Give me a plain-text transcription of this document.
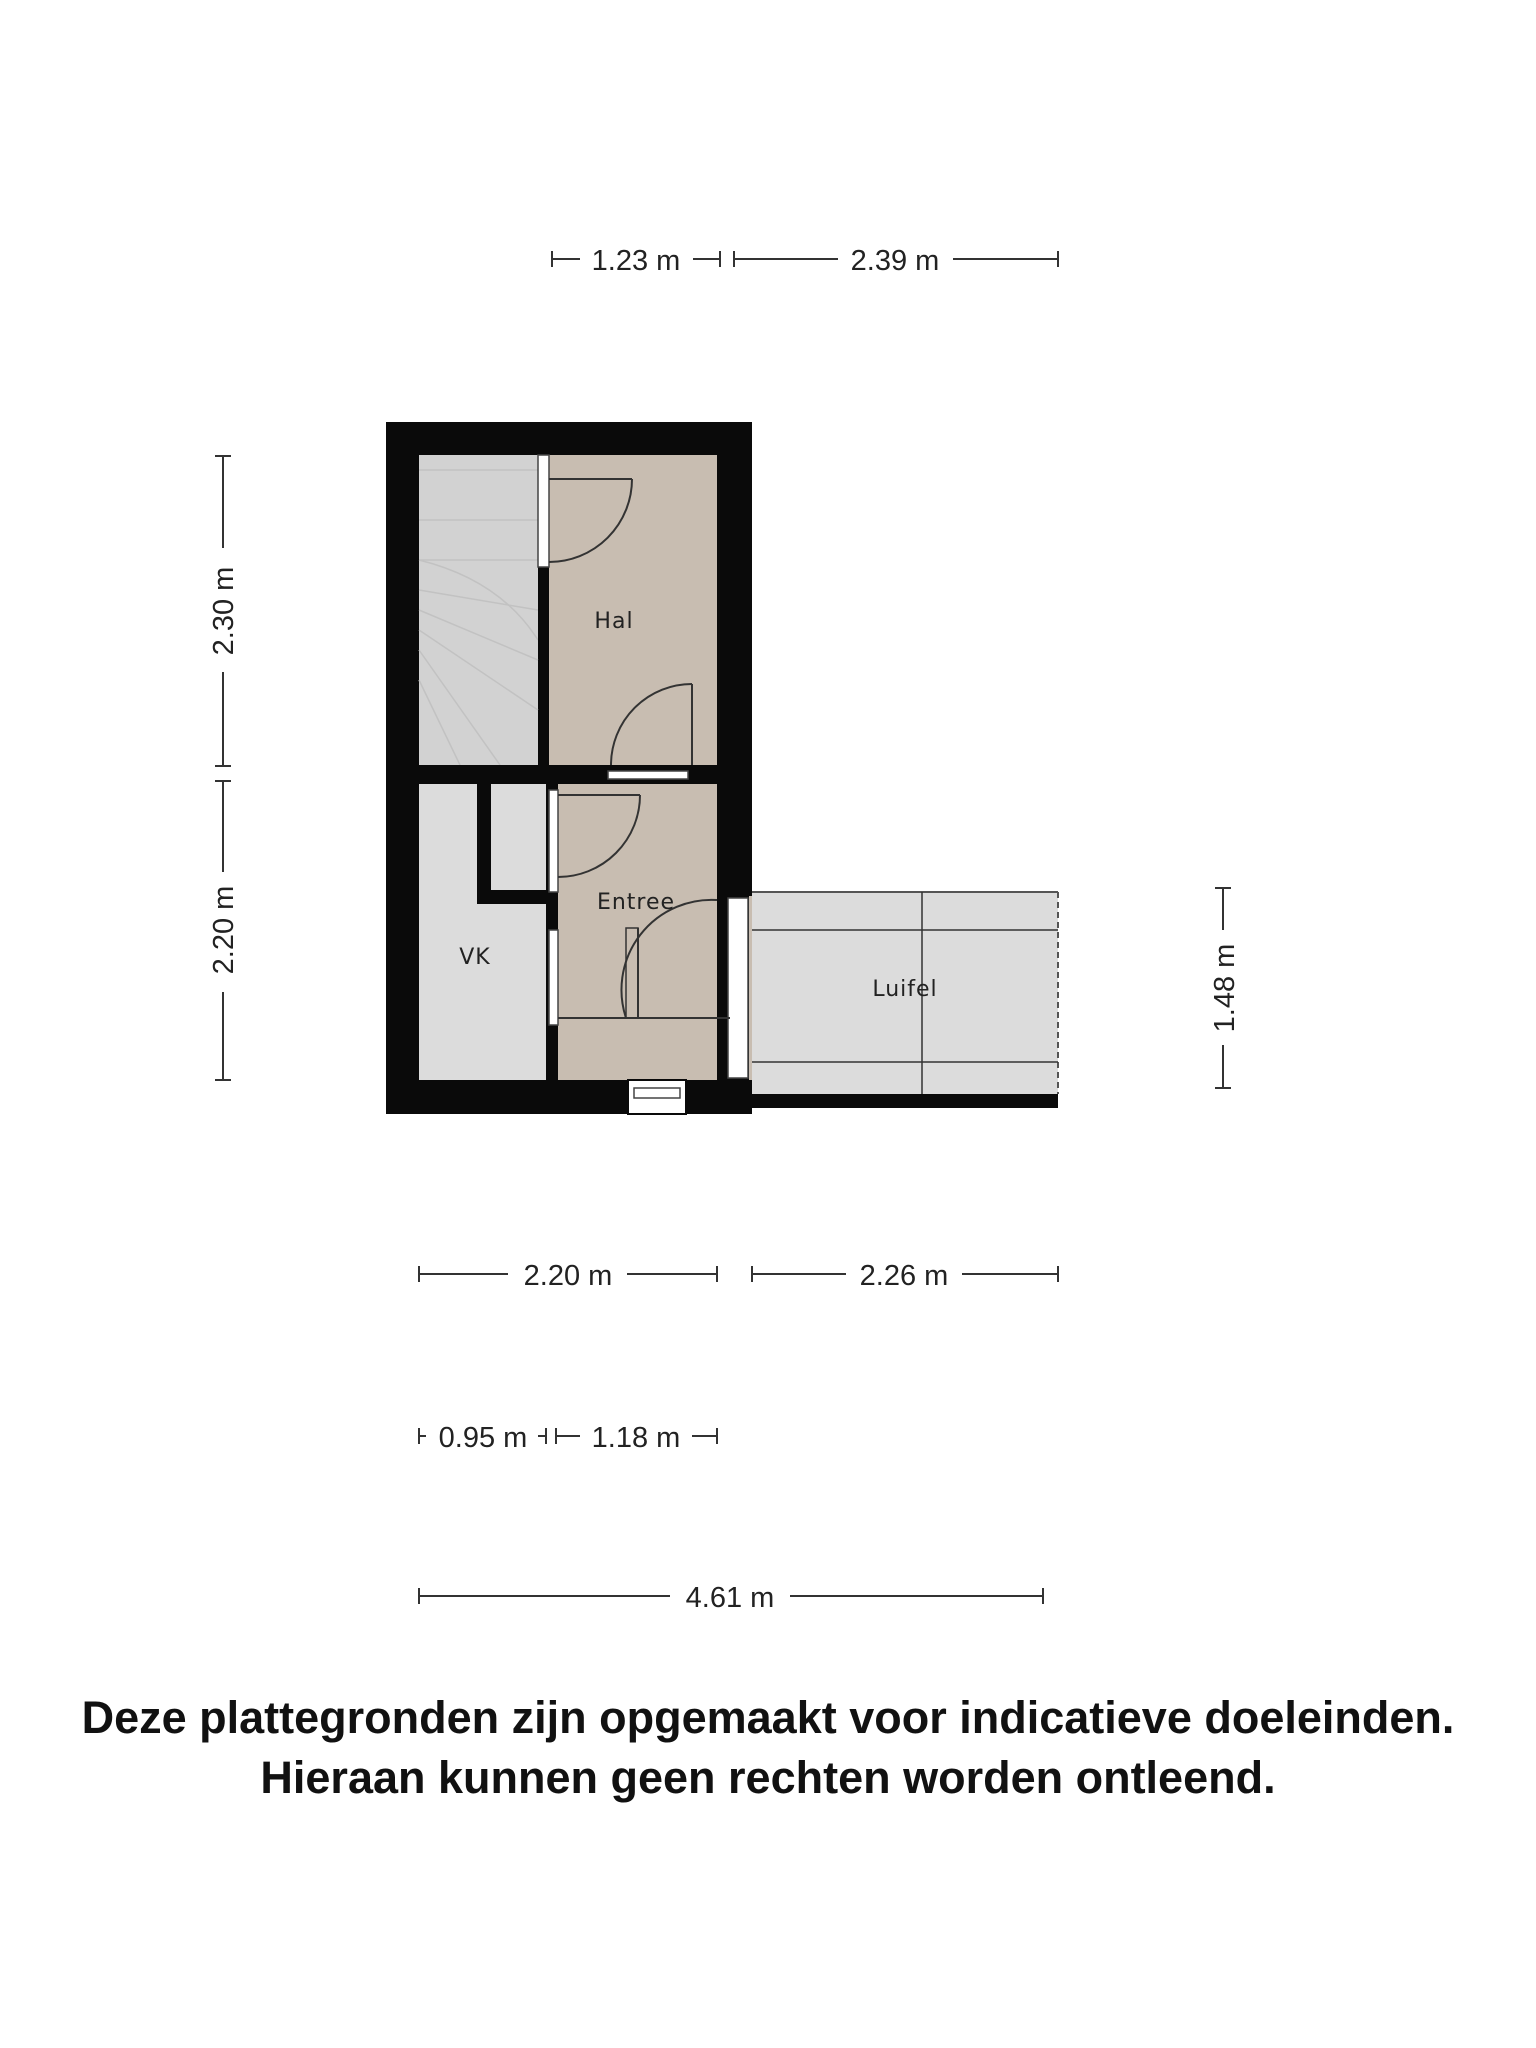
1.23 m	2.39 m
2.30 m
2.20 m
1.48 m
Hal
Entree
VK
Luifel
2.20 m	2.26 m
0.95 m 1.18 m
4.61 m
Deze plattegronden zijn opgemaakt voor indicatieve doeleinden.
Hieraan kunnen geen rechten worden ontleend.
